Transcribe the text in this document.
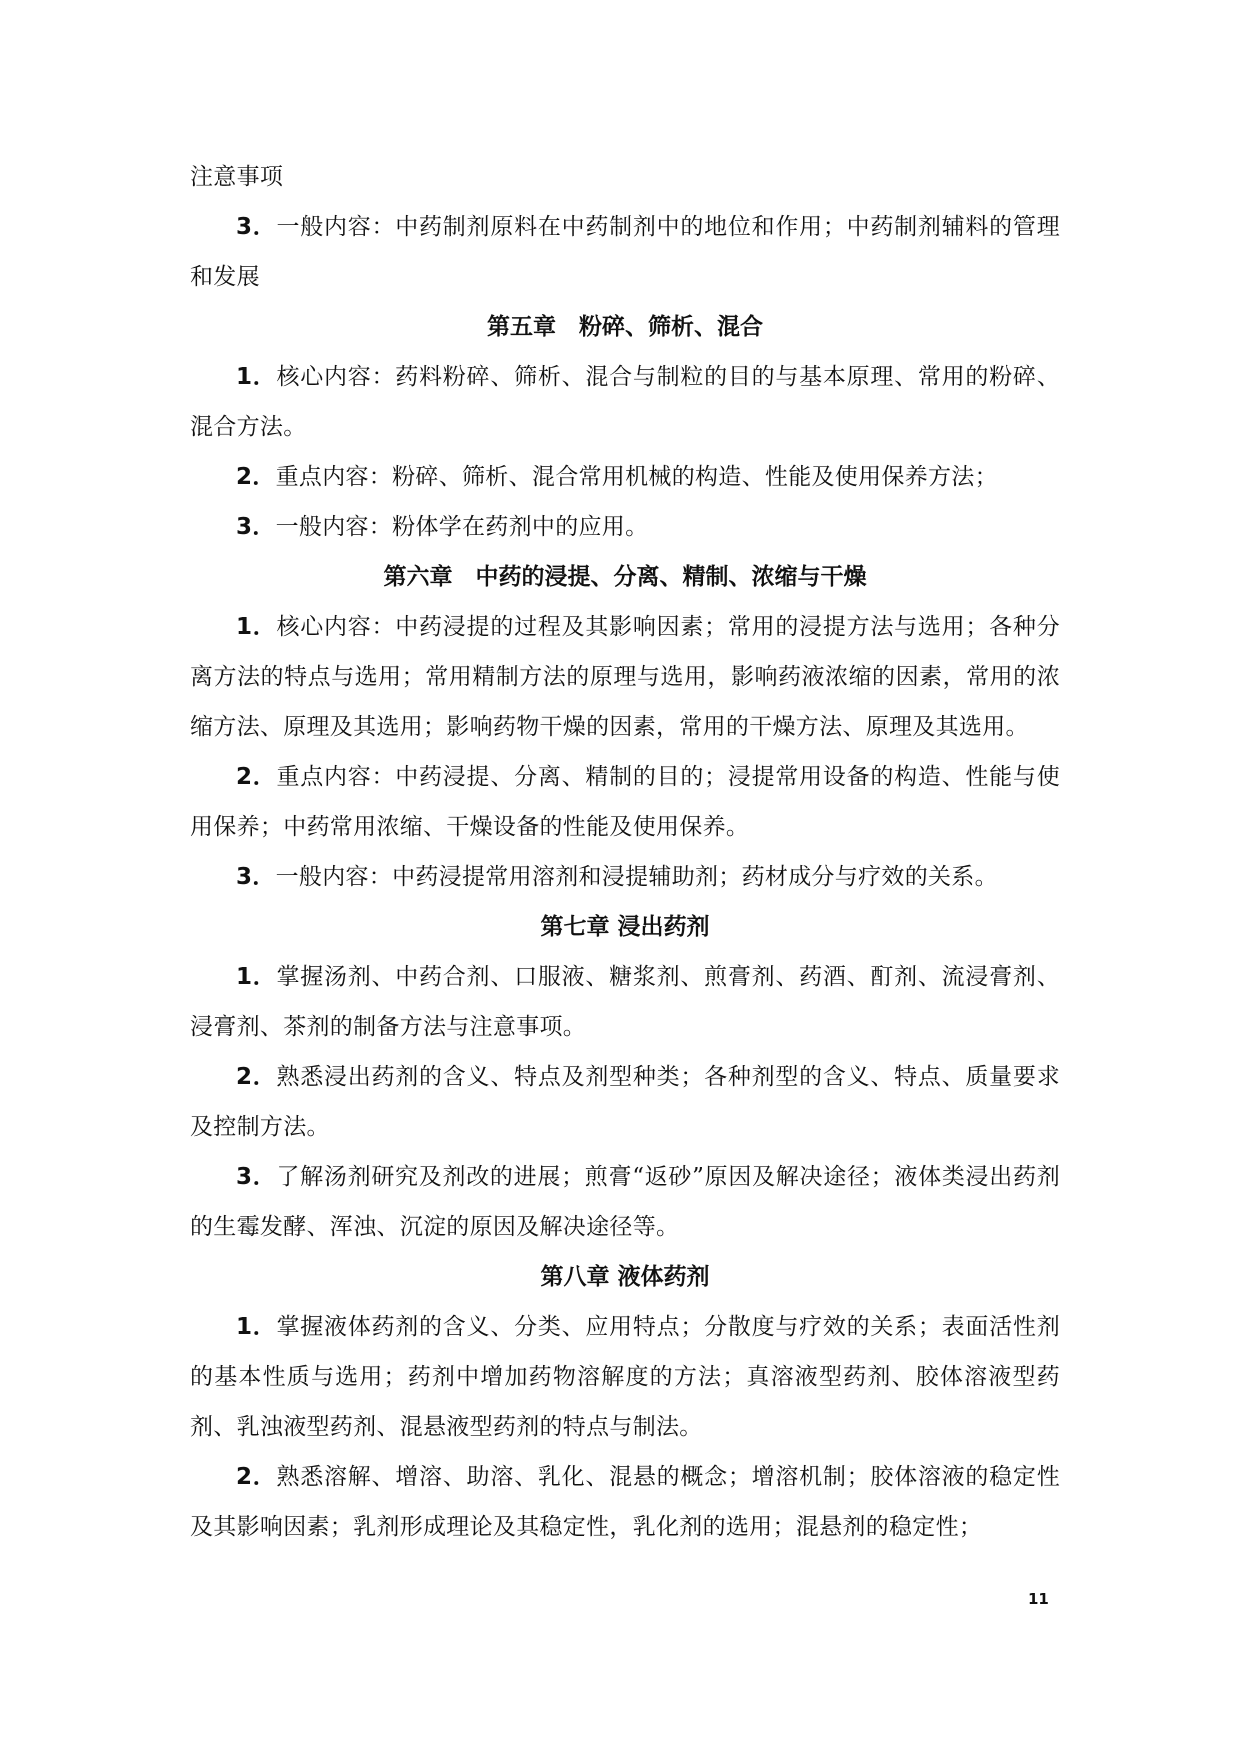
注意事项

3．一般内容：中药制剂原料在中药制剂中的地位和作用；中药制剂辅料的管理和发展

第五章　粉碎、筛析、混合

1．核心内容：药料粉碎、筛析、混合与制粒的目的与基本原理、常用的粉碎、混合方法。

2．重点内容：粉碎、筛析、混合常用机械的构造、性能及使用保养方法；

3．一般内容：粉体学在药剂中的应用。

第六章　中药的浸提、分离、精制、浓缩与干燥

1．核心内容：中药浸提的过程及其影响因素；常用的浸提方法与选用；各种分离方法的特点与选用；常用精制方法的原理与选用，影响药液浓缩的因素，常用的浓缩方法、原理及其选用；影响药物干燥的因素，常用的干燥方法、原理及其选用。

2．重点内容：中药浸提、分离、精制的目的；浸提常用设备的构造、性能与使用保养；中药常用浓缩、干燥设备的性能及使用保养。

3．一般内容：中药浸提常用溶剂和浸提辅助剂；药材成分与疗效的关系。

第七章 浸出药剂

1．掌握汤剂、中药合剂、口服液、糖浆剂、煎膏剂、药酒、酊剂、流浸膏剂、浸膏剂、茶剂的制备方法与注意事项。

2．熟悉浸出药剂的含义、特点及剂型种类；各种剂型的含义、特点、质量要求及控制方法。

3．了解汤剂研究及剂改的进展；煎膏“返砂”原因及解决途径；液体类浸出药剂的生霉发酵、浑浊、沉淀的原因及解决途径等。

第八章 液体药剂

1．掌握液体药剂的含义、分类、应用特点；分散度与疗效的关系；表面活性剂的基本性质与选用；药剂中增加药物溶解度的方法；真溶液型药剂、胶体溶液型药剂、乳浊液型药剂、混悬液型药剂的特点与制法。

2．熟悉溶解、增溶、助溶、乳化、混悬的概念；增溶机制；胶体溶液的稳定性及其影响因素；乳剂形成理论及其稳定性，乳化剂的选用；混悬剂的稳定性；

11
